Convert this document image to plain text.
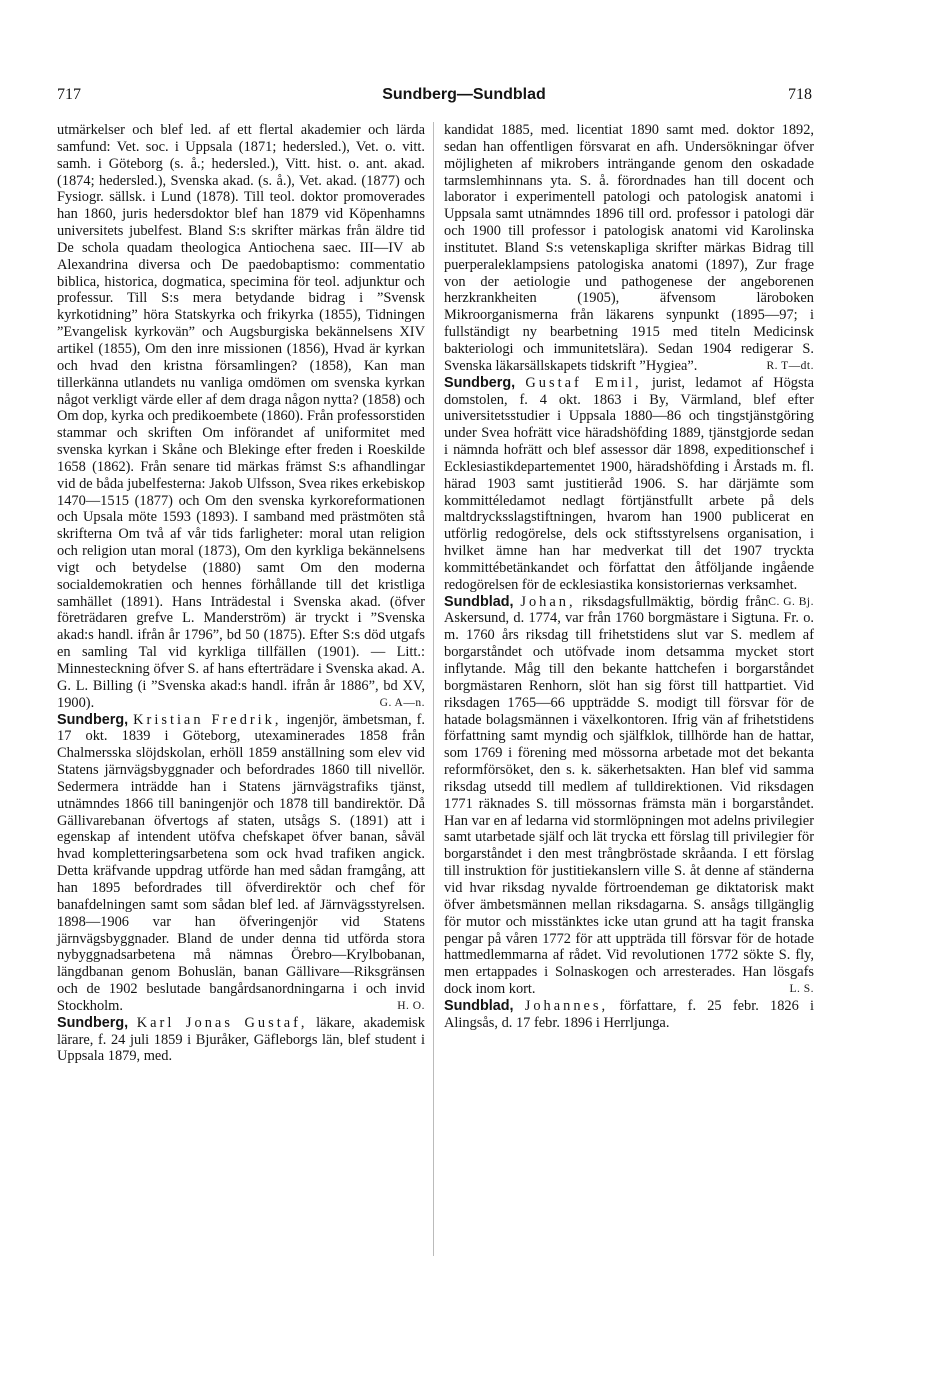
717	Sundberg—Sundblad	718

utmärkelser och blef led. af ett flertal akademier och lärda samfund: Vet. soc. i Uppsala (1871; hedersled.), Vet. o. vitt. samh. i Göteborg (s. å.; hedersled.), Vitt. hist. o. ant. akad. (1874; hedersled.), Svenska akad. (s. å.), Vet. akad. (1877) och Fysiogr. sällsk. i Lund (1878). Till teol. doktor promoverades han 1860, juris hedersdoktor blef han 1879 vid Köpenhamns universitets jubelfest. Bland S:s skrifter märkas från äldre tid De schola quadam theologica Antiochena saec. III—IV ab Alexandrina diversa och De paedobaptismo: commentatio biblica, historica, dogmatica, specimina för teol. adjunktur och professur. Till S:s mera betydande bidrag i ”Svensk kyrkotidning” höra Statskyrka och frikyrka (1855), Tidningen ”Evangelisk kyrkovän” och Augsburgiska bekännelsens XIV artikel (1855), Om den inre missionen (1856), Hvad är kyrkan och hvad den kristna församlingen? (1858), Kan man tillerkänna utlandets nu vanliga omdömen om svenska kyrkan något verkligt värde eller af dem draga någon nytta? (1858) och Om dop, kyrka och predikoembete (1860). Från professorstiden stammar och skriften Om införandet af uniformitet med svenska kyrkan i Skåne och Blekinge efter freden i Roeskilde 1658 (1862). Från senare tid märkas främst S:s afhandlingar vid de båda jubelfesterna: Jakob Ulfsson, Svea rikes erkebiskop 1470—1515 (1877) och Om den svenska kyrkoreformationen och Upsala möte 1593 (1893). I samband med prästmöten stå skrifterna Om två af vår tids farligheter: moral utan religion och religion utan moral (1873), Om den kyrkliga bekännelsens vigt och betydelse (1880) samt Om den moderna socialdemokratien och hennes förhållande till det kristliga samhället (1891). Hans Inträdestal i Svenska akad. (öfver företrädaren grefve L. Manderström) är tryckt i ”Svenska akad:s handl. ifrån år 1796”, bd 50 (1875). Efter S:s död utgafs en samling Tal vid kyrkliga tillfällen (1901). — Litt.: Minnesteckning öfver S. af hans efterträdare i Svenska akad. A. G. L. Billing (i ”Svenska akad:s handl. ifrån år 1886”, bd XV, 1900).	G. A—n.

Sundberg, Kristian Fredrik, ingenjör, ämbetsman, f. 17 okt. 1839 i Göteborg, utexaminerades 1858 från Chalmersska slöjdskolan, erhöll 1859 anställning som elev vid Statens järnvägsbyggnader och befordrades 1860 till nivellör. Sedermera inträdde han i Statens järnvägstrafiks tjänst, utnämndes 1866 till baningenjör och 1878 till bandirektör. Då Gällivarebanan öfvertogs af staten, utsågs S. (1891) att i egenskap af intendent utöfva chefskapet öfver banan, såväl hvad kompletteringsarbetena som ock hvad trafiken angick. Detta kräfvande uppdrag utförde han med sådan framgång, att han 1895 befordrades till öfverdirektör och chef för banafdelningen samt som sådan blef led. af Järnvägsstyrelsen. 1898—1906 var han öfveringenjör vid Statens järnvägsbyggnader. Bland de under denna tid utförda stora nybyggnadsarbetena må nämnas Örebro—Krylbobanan, längdbanan genom Bohuslän, banan Gällivare—Riksgränsen och de 1902 beslutade bangårdsanordningarna i och invid Stockholm.	H. O.

Sundberg, Karl Jonas Gustaf, läkare, akademisk lärare, f. 24 juli 1859 i Bjuråker, Gäfleborgs län, blef student i Uppsala 1879, med.

kandidat 1885, med. licentiat 1890 samt med. doktor 1892, sedan han offentligen försvarat en afh. Undersökningar öfver möjligheten af mikrobers inträngande genom den oskadade tarmslemhinnans yta. S. å. förordnades han till docent och laborator i experimentell patologi och patologisk anatomi i Uppsala samt utnämndes 1896 till ord. professor i patologi där och 1900 till professor i patologisk anatomi vid Karolinska institutet. Bland S:s vetenskapliga skrifter märkas Bidrag till puerperaleklampsiens patologiska anatomi (1897), Zur frage von der aetiologie und pathogenese der angeborenen herzkrankheiten (1905), äfvensom läroboken Mikroorganismerna från läkarens synpunkt (1895—97; i fullständigt ny bearbetning 1915 med titeln Medicinsk bakteriologi och immunitetslära). Sedan 1904 redigerar S. Svenska läkarsällskapets tidskrift ”Hygiea”.	R. T—dt.

Sundberg, Gustaf Emil, jurist, ledamot af Högsta domstolen, f. 4 okt. 1863 i By, Värmland, blef efter universitetsstudier i Uppsala 1880—86 och tingstjänstgöring under Svea hofrätt vice häradshöfding 1889, tjänstgjorde sedan i nämnda hofrätt och blef assessor där 1898, expeditionschef i Ecklesiastikdepartementet 1900, häradshöfding i Årstads m. fl. härad 1903 samt justitieråd 1906. S. har därjämte som kommittéledamot nedlagt förtjänstfullt arbete på dels maltdrycksslagstiftningen, hvarom han 1900 publicerat en utförlig redogörelse, dels ock stiftsstyrelsens organisation, i hvilket ämne han har medverkat till det 1907 tryckta kommittébetänkandet och författat den åtföljande ingående redogörelsen för de ecklesiastika konsistoriernas verksamhet.
C. G. Bj.

Sundblad, Johan, riksdagsfullmäktig, bördig från Askersund, d. 1774, var från 1760 borgmästare i Sigtuna. Fr. o. m. 1760 års riksdag till frihetstidens slut var S. medlem af borgarståndet och utöfvade inom detsamma mycket stort inflytande. Måg till den bekante hattchefen i borgarståndet borgmästaren Renhorn, slöt han sig först till hattpartiet. Vid riksdagen 1765—66 uppträdde S. modigt till försvar för de hatade bolagsmännen i växelkontoren. Ifrig vän af frihetstidens författning samt myndig och själfklok, tillhörde han de hattar, som 1769 i förening med mössorna arbetade mot det bekanta reformförsöket, den s. k. säkerhetsakten. Han blef vid samma riksdag utsedd till medlem af tulldirektionen. Vid riksdagen 1771 räknades S. till mössornas främsta män i borgarståndet. Han var en af ledarna vid stormlöpningen mot adelns privilegier samt utarbetade själf och lät trycka ett förslag till privilegier för borgarståndet i den mest trångbröstade skråanda. I ett förslag till instruktion för justitiekanslern ville S. åt denne af ständerna vid hvar riksdag nyvalde förtroendeman ge diktatorisk makt öfver ämbetsmännen mellan riksdagarna. S. ansågs tillgänglig för mutor och misstänktes icke utan grund att ha tagit franska pengar på våren 1772 för att uppträda till försvar för de hotade hattmedlemmarna af rådet. Vid revolutionen 1772 sökte S. fly, men ertappades i Solnaskogen och arresterades. Han lösgafs dock inom kort.	L. S.

Sundblad, Johannes, författare, f. 25 febr. 1826 i Alingsås, d. 17 febr. 1896 i Herrljunga.
